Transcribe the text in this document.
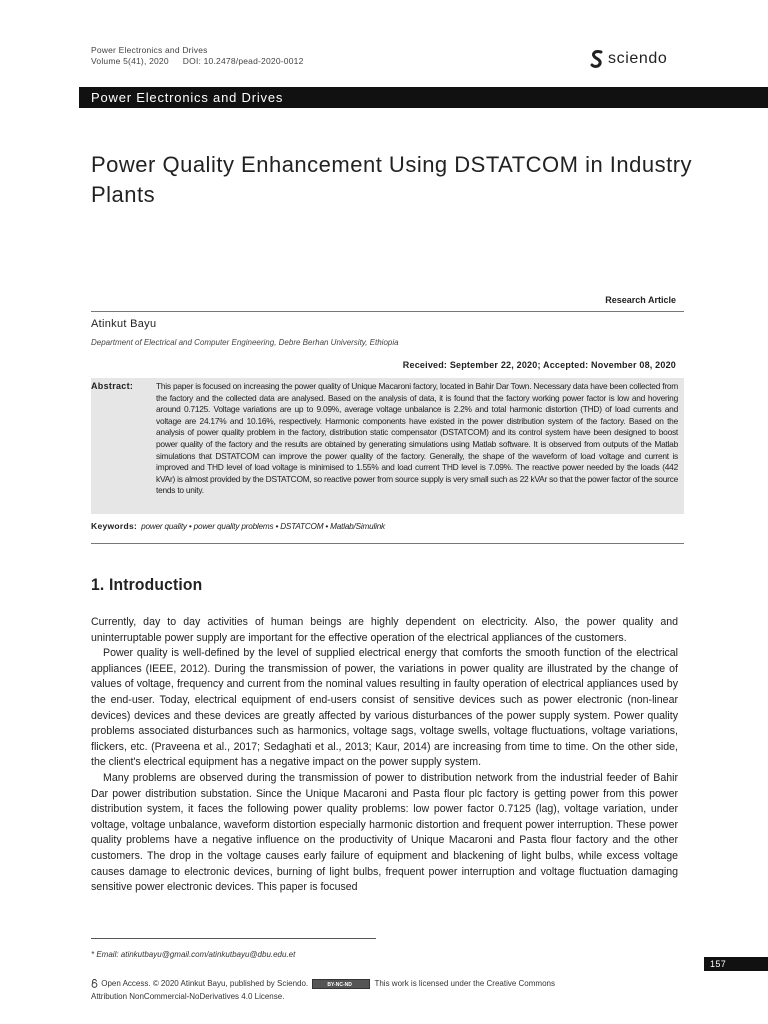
Power Electronics and Drives
Volume 5(41), 2020 DOI: 10.2478/pead-2020-0012	sciendo
Power Electronics and Drives
Power Quality Enhancement Using DSTATCOM in Industry Plants
Research Article
Atinkut Bayu
Department of Electrical and Computer Engineering, Debre Berhan University, Ethiopia
Received: September 22, 2020; Accepted: November 08, 2020
Abstract:	This paper is focused on increasing the power quality of Unique Macaroni factory, located in Bahir Dar Town. Necessary data have been collected from the factory and the collected data are analysed. Based on the analysis of data, it is found that the factory working power factor is low and hovering around 0.7125. Voltage variations are up to 9.09%, average voltage unbalance is 2.2% and total harmonic distortion (THD) of load currents and voltage are 24.17% and 10.16%, respectively. Harmonic components have existed in the power distribution system of the factory. Based on the analysis of power quality problem in the factory, distribution static compensator (DSTATCOM) and its control system have been designed to boost power quality of the factory and the results are obtained by generating simulations using Matlab software. It is observed from outputs of the Matlab simulations that DSTATCOM can improve the power quality of the factory. Generally, the shape of the waveform of load voltage and current is improved and THD level of load voltage is minimised to 1.55% and load current THD level is 7.09%. The reactive power needed by the loads (442 kVAr) is almost provided by the DSTATCOM, so reactive power from source supply is very small such as 22 kVAr so that the power factor of the source tends to unity.
Keywords: power quality • power quality problems • DSTATCOM • Matlab/Simulink
1. Introduction

Currently, day to day activities of human beings are highly dependent on electricity. Also, the power quality and uninterruptable power supply are important for the effective operation of the electrical appliances of the customers.

Power quality is well-defined by the level of supplied electrical energy that comforts the smooth function of the electrical appliances (IEEE, 2012). During the transmission of power, the variations in power quality are illustrated by the change of values of voltage, frequency and current from the nominal values resulting in faulty operation of electrical appliances used by the end-user. Today, electrical equipment of end-users consist of sensitive devices such as power electronic (non-linear devices) devices and these devices are greatly affected by various disturbances of the power supply system. Power quality problems associated disturbances such as harmonics, voltage sags, voltage swells, voltage fluctuations, voltage variations, flickers, etc. (Praveena et al., 2017; Sedaghati et al., 2013; Kaur, 2014) are increasing from time to time. On the other side, the client's electrical equipment has a negative impact on the power supply system.

Many problems are observed during the transmission of power to distribution network from the industrial feeder of Bahir Dar power distribution substation. Since the Unique Macaroni and Pasta flour plc factory is getting power from this power distribution system, it faces the following power quality problems: low power factor 0.7125 (lag), voltage variation, under voltage, voltage unbalance, waveform distortion especially harmonic distortion and frequent power interruption. These power quality problems have a negative influence on the productivity of Unique Macaroni and Pasta flour factory and the other customers. The drop in the voltage causes early failure of equipment and blackening of light bulbs, while excess voltage causes damage to electronic devices, burning of light bulbs, frequent power interruption and voltage fluctuation damaging sensitive power electronic devices. This paper is focused

* Email: atinkutbayu@gmail.com/atinkutbayu@dbu.edu.et
157
Open Access. © 2020 Atinkut Bayu, published by Sciendo. BY-NC-ND	This work is licensed under the Creative Commons Attribution NonCommercial-NoDerivatives 4.0 License.
